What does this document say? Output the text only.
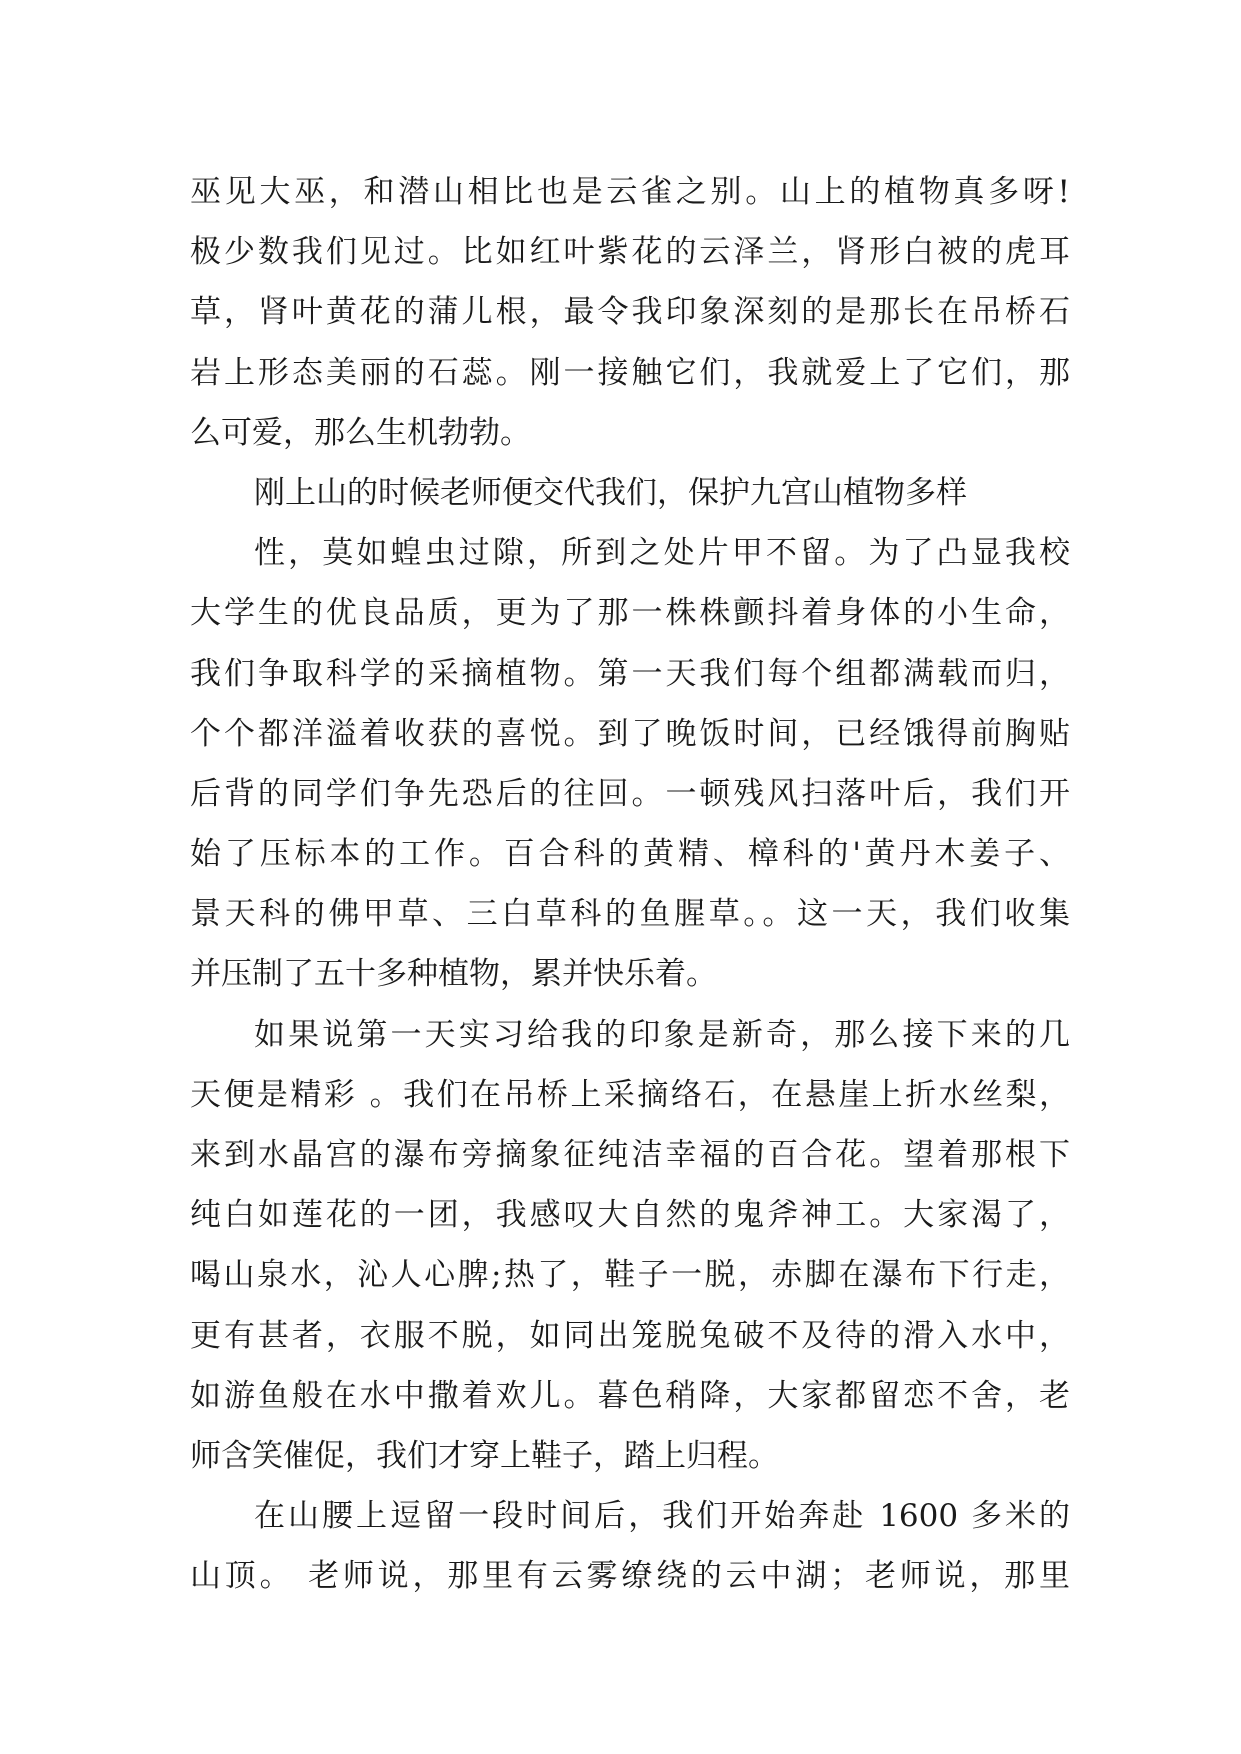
巫见大巫，和潜山相比也是云雀之别。山上的植物真多呀!
极少数我们见过。比如红叶紫花的云泽兰，肾形白被的虎耳
草，肾叶黄花的蒲儿根，最令我印象深刻的是那长在吊桥石
岩上形态美丽的石蕊。刚一接触它们，我就爱上了它们，那
么可爱，那么生机勃勃。
刚上山的时候老师便交代我们，保护九宫山植物多样
性，莫如蝗虫过隙，所到之处片甲不留。为了凸显我校
大学生的优良品质，更为了那一株株颤抖着身体的小生命，
我们争取科学的采摘植物。第一天我们每个组都满载而归，
个个都洋溢着收获的喜悦。到了晚饭时间，已经饿得前胸贴
后背的同学们争先恐后的往回。一顿残风扫落叶后，我们开
始了压标本的工作。百合科的黄精、樟科的'黄丹木姜子、
景天科的佛甲草、三白草科的鱼腥草。。这一天，我们收集
并压制了五十多种植物，累并快乐着。
如果说第一天实习给我的印象是新奇，那么接下来的几
天便是精彩 。我们在吊桥上采摘络石，在悬崖上折水丝梨，
来到水晶宫的瀑布旁摘象征纯洁幸福的百合花。望着那根下
纯白如莲花的一团，我感叹大自然的鬼斧神工。大家渴了，
喝山泉水，沁人心脾;热了，鞋子一脱，赤脚在瀑布下行走，
更有甚者，衣服不脱，如同出笼脱兔破不及待的滑入水中，
如游鱼般在水中撒着欢儿。暮色稍降，大家都留恋不舍，老
师含笑催促，我们才穿上鞋子，踏上归程。
在山腰上逗留一段时间后，我们开始奔赴 1600 多米的
山顶。 老师说，那里有云雾缭绕的云中湖；老师说，那里
